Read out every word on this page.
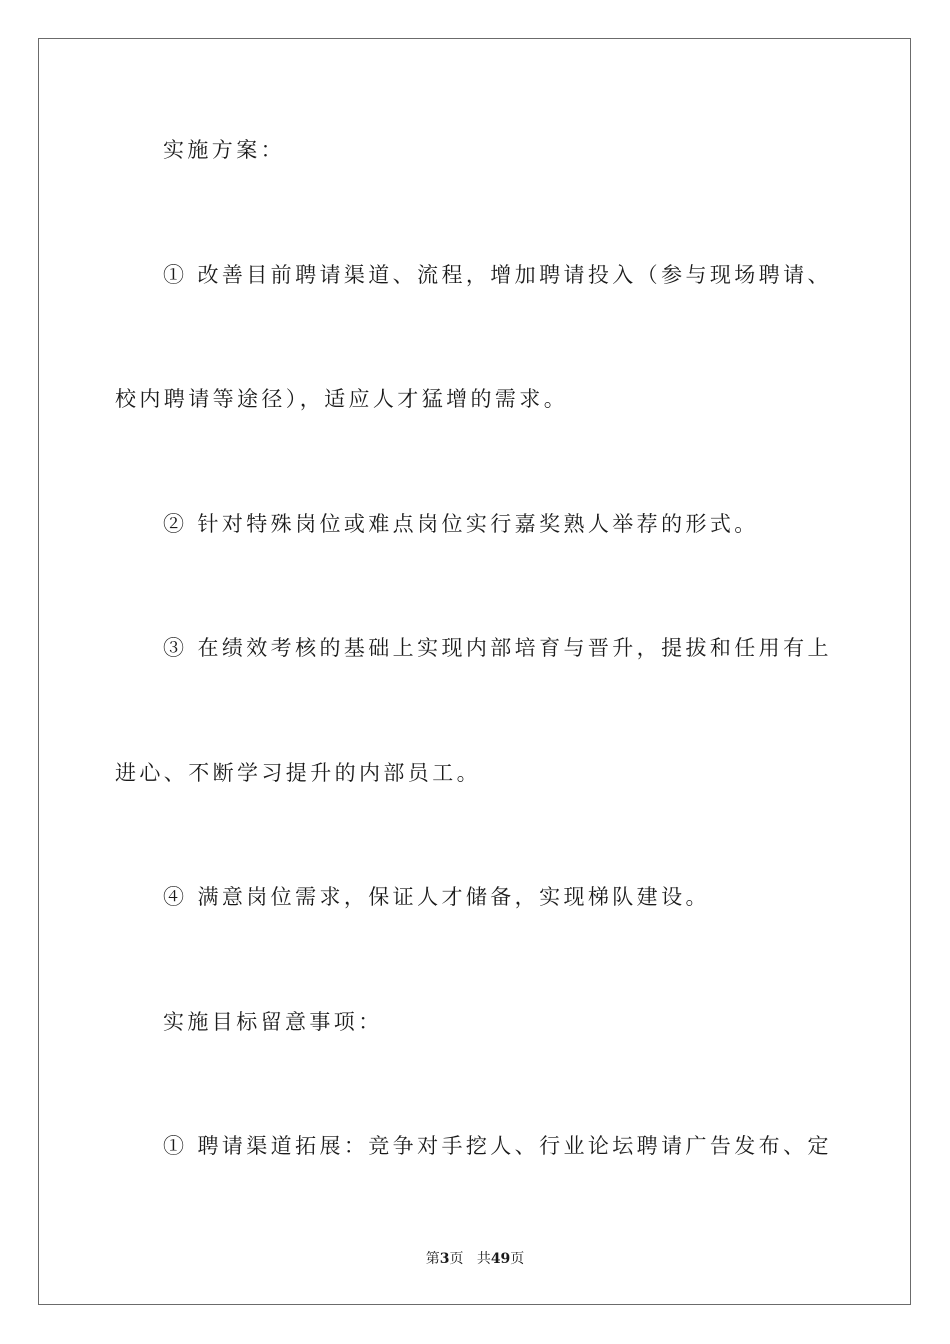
实施方案：
① 改善目前聘请渠道、流程，增加聘请投入（参与现场聘请、
校内聘请等途径），适应人才猛增的需求。
② 针对特殊岗位或难点岗位实行嘉奖熟人举荐的形式。
③ 在绩效考核的基础上实现内部培育与晋升，提拔和任用有上
进心、不断学习提升的内部员工。
④ 满意岗位需求，保证人才储备，实现梯队建设。
实施目标留意事项：
① 聘请渠道拓展：竞争对手挖人、行业论坛聘请广告发布、定
第3页 共49页
